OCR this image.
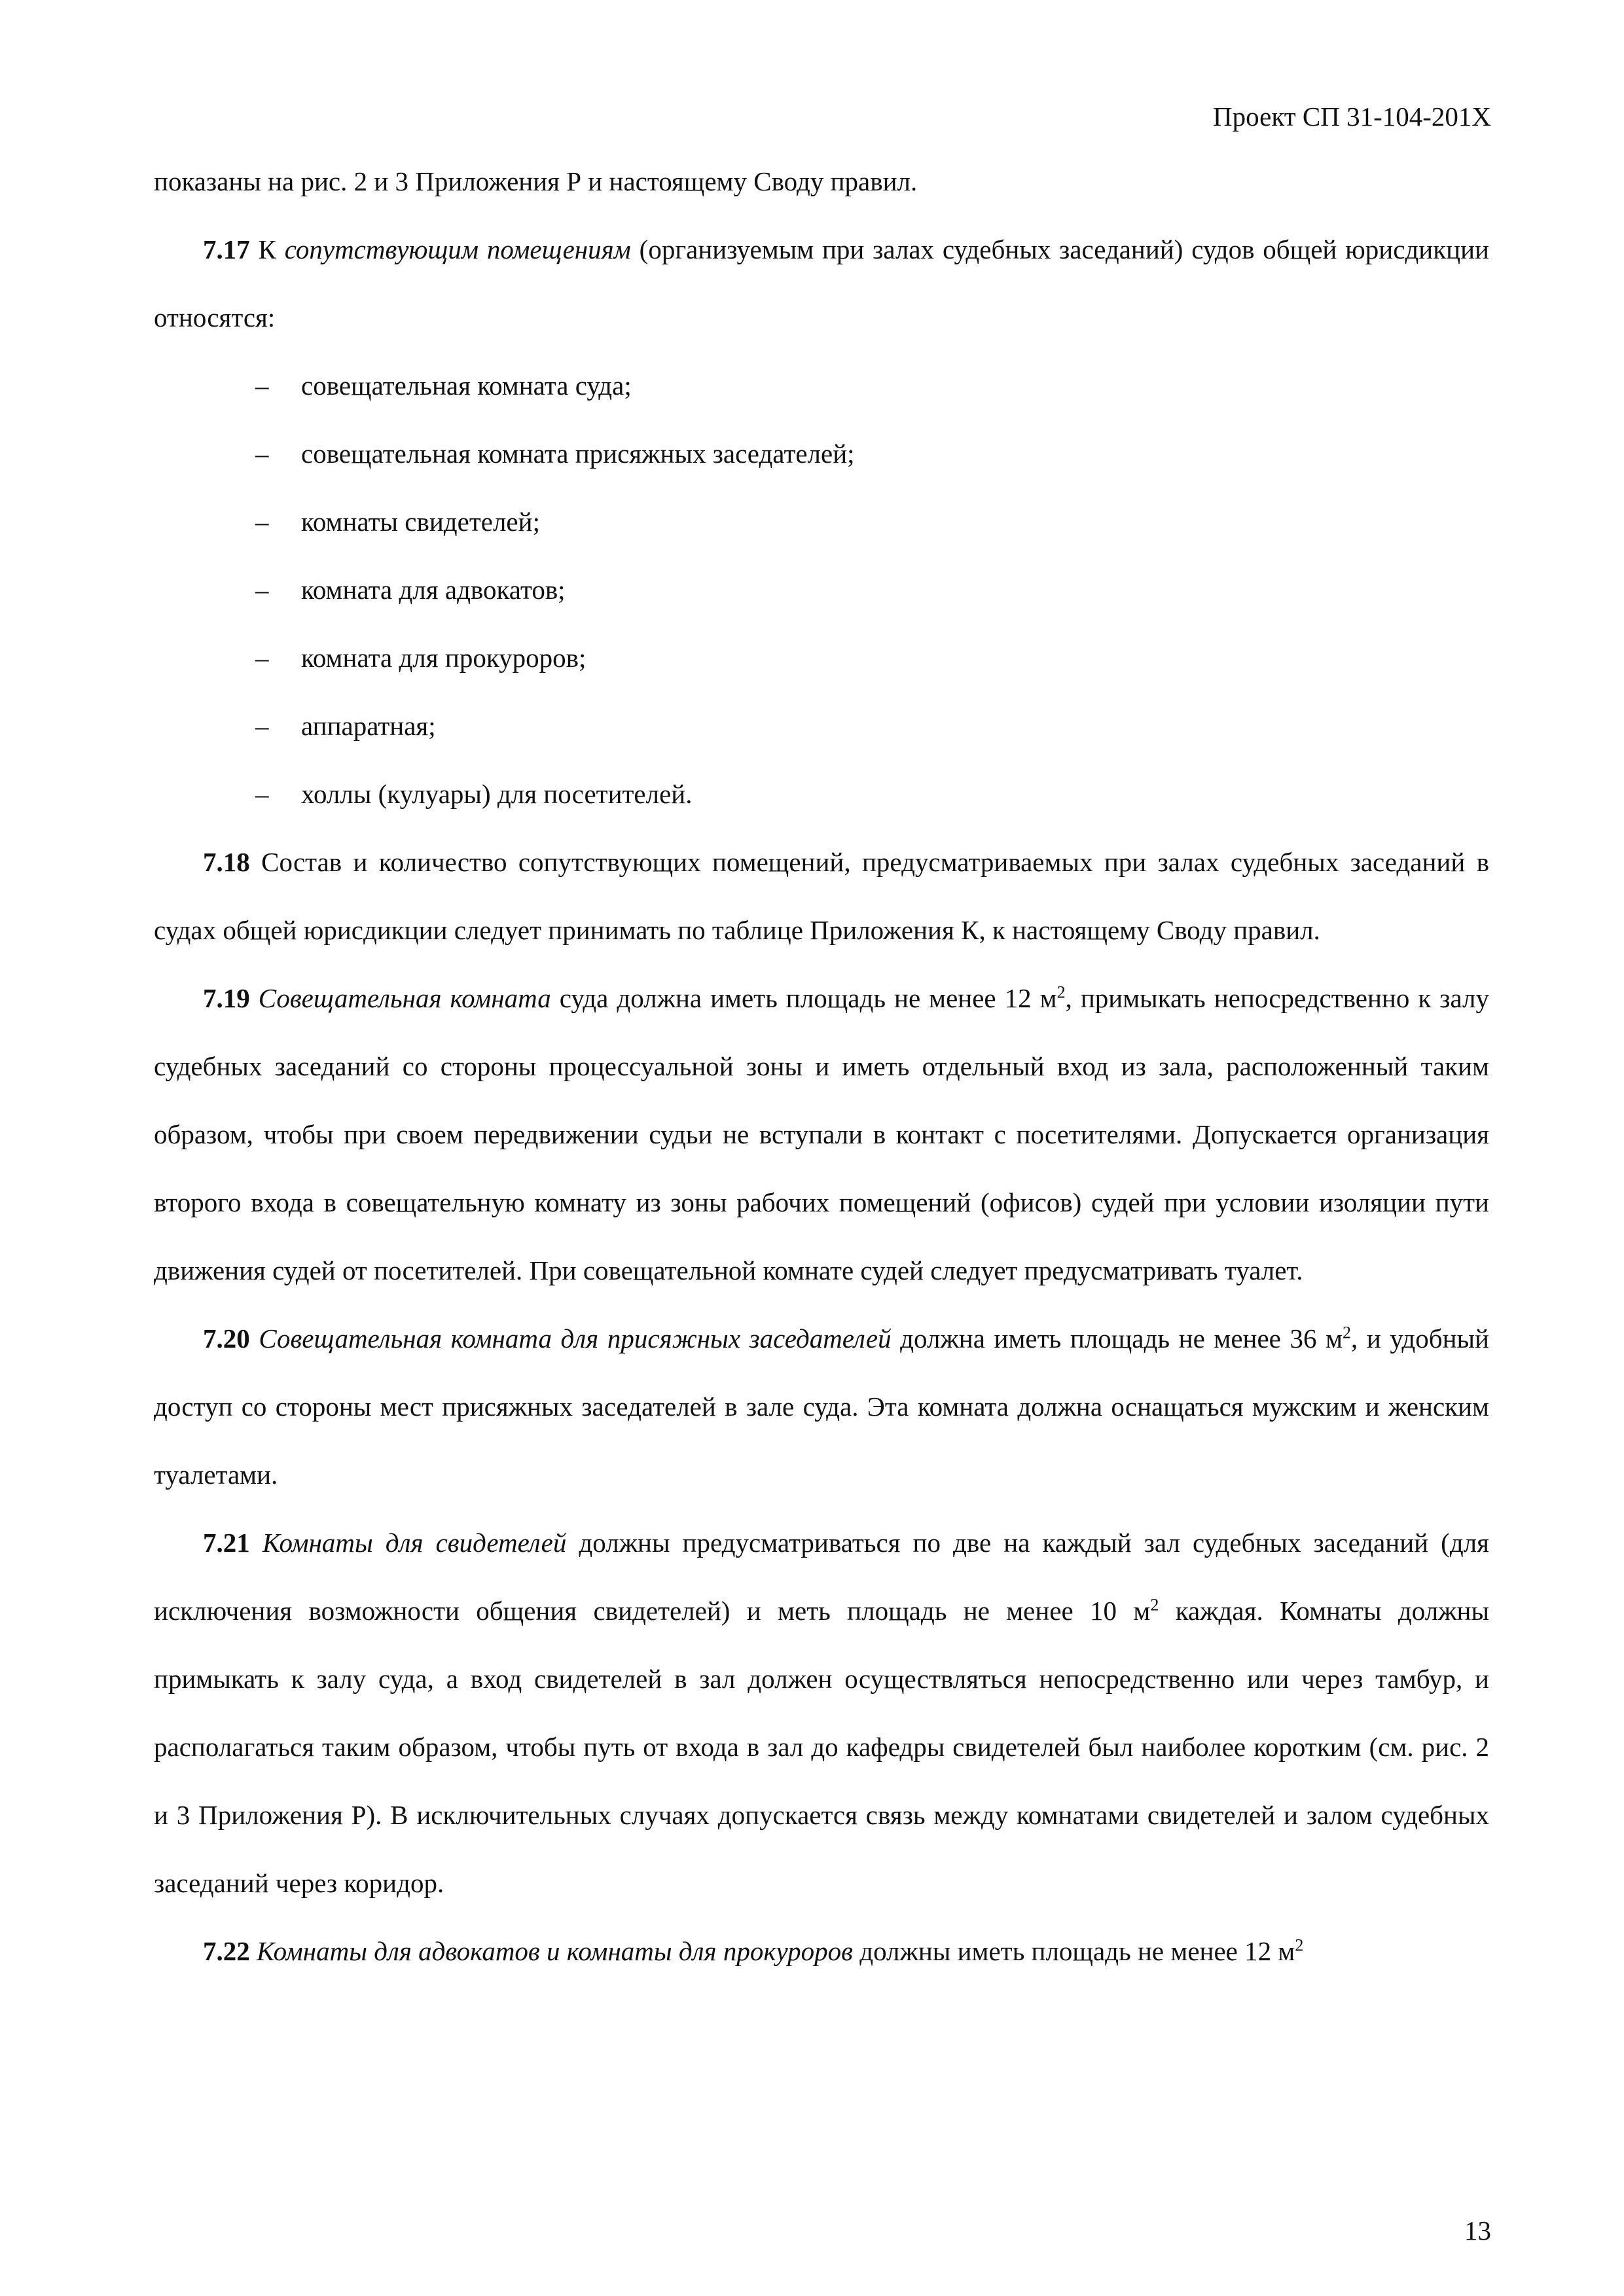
Проект СП 31-104-201Х

показаны на рис. 2 и 3 Приложения Р и настоящему Своду правил.

7.17 К сопутствующим помещениям (организуемым при залах судебных заседаний) судов общей юрисдикции относятся:

– совещательная комната суда;
– совещательная комната присяжных заседателей;
– комнаты свидетелей;
– комната для адвокатов;
– комната для прокуроров;
– аппаратная;
– холлы (кулуары) для посетителей.

7.18 Состав и количество сопутствующих помещений, предусматриваемых при залах судебных заседаний в судах общей юрисдикции следует принимать по таблице Приложения К, к настоящему Своду правил.

7.19 Совещательная комната суда должна иметь площадь не менее 12 $м^2$, примыкать непосредственно к залу судебных заседаний со стороны процессуальной зоны и иметь отдельный вход из зала, расположенный таким образом, чтобы при своем передвижении судьи не вступали в контакт с посетителями. Допускается организация второго входа в совещательную комнату из зоны рабочих помещений (офисов) судей при условии изоляции пути движения судей от посетителей. При совещательной комнате судей следует предусматривать туалет.

7.20 Совещательная комната для присяжных заседателей должна иметь площадь не менее 36 $м^2$, и удобный доступ со стороны мест присяжных заседателей в зале суда. Эта комната должна оснащаться мужским и женским туалетами.

7.21 Комнаты для свидетелей должны предусматриваться по две на каждый зал судебных заседаний (для исключения возможности общения свидетелей) и меть площадь не менее 10 $м^2$ каждая. Комнаты должны примыкать к залу суда, а вход свидетелей в зал должен осуществляться непосредственно или через тамбур, и располагаться таким образом, чтобы путь от входа в зал до кафедры свидетелей был наиболее коротким (см. рис. 2 и 3 Приложения Р). В исключительных случаях допускается связь между комнатами свидетелей и залом судебных заседаний через коридор.

7.22 Комнаты для адвокатов и комнаты для прокуроров должны иметь площадь не менее 12 $м^2$

13
